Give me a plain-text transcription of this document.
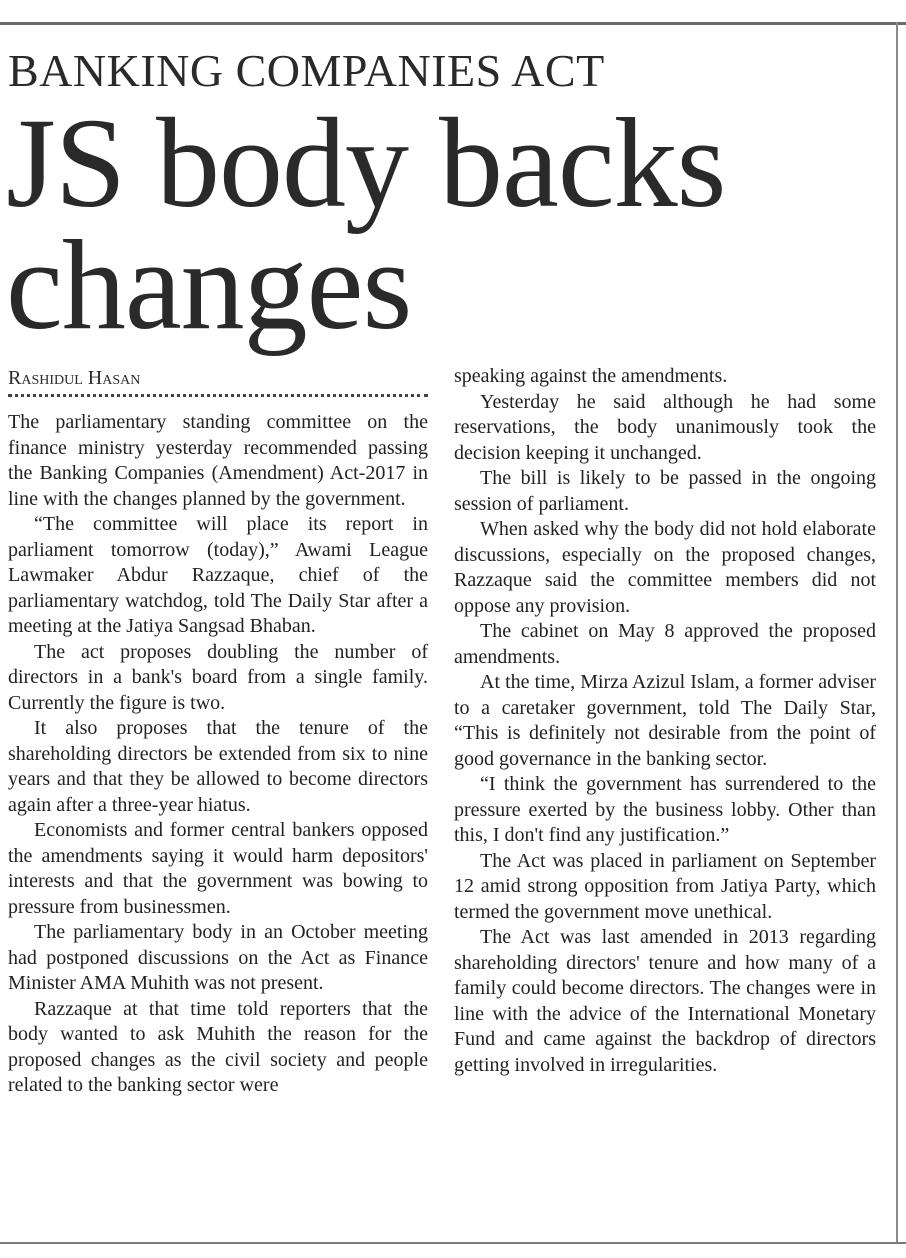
BANKING COMPANIES ACT
JS body backs
changes
Rashidul Hasan

The parliamentary standing committee on the finance ministry yesterday recommended passing the Banking Companies (Amendment) Act-2017 in line with the changes planned by the government.

“The committee will place its report in parliament tomorrow (today),” Awami League Lawmaker Abdur Razzaque, chief of the parliamentary watchdog, told The Daily Star after a meeting at the Jatiya Sangsad Bhaban.

The act proposes doubling the number of directors in a bank's board from a single family. Currently the figure is two.

It also proposes that the tenure of the shareholding directors be extended from six to nine years and that they be allowed to become directors again after a three-year hiatus.

Economists and former central bankers opposed the amendments saying it would harm depositors' interests and that the government was bowing to pressure from businessmen.

The parliamentary body in an October meeting had postponed discussions on the Act as Finance Minister AMA Muhith was not present.

Razzaque at that time told reporters that the body wanted to ask Muhith the reason for the proposed changes as the civil society and people related to the banking sector were

speaking against the amendments.

Yesterday he said although he had some reservations, the body unanimously took the decision keeping it unchanged.

The bill is likely to be passed in the ongoing session of parliament.

When asked why the body did not hold elaborate discussions, especially on the proposed changes, Razzaque said the committee members did not oppose any provision.

The cabinet on May 8 approved the proposed amendments.

At the time, Mirza Azizul Islam, a former adviser to a caretaker government, told The Daily Star, “This is definitely not desirable from the point of good governance in the banking sector.

“I think the government has surrendered to the pressure exerted by the business lobby. Other than this, I don't find any justification.”

The Act was placed in parliament on September 12 amid strong opposition from Jatiya Party, which termed the government move unethical.

The Act was last amended in 2013 regarding shareholding directors' tenure and how many of a family could become directors. The changes were in line with the advice of the International Monetary Fund and came against the backdrop of directors getting involved in irregularities.
